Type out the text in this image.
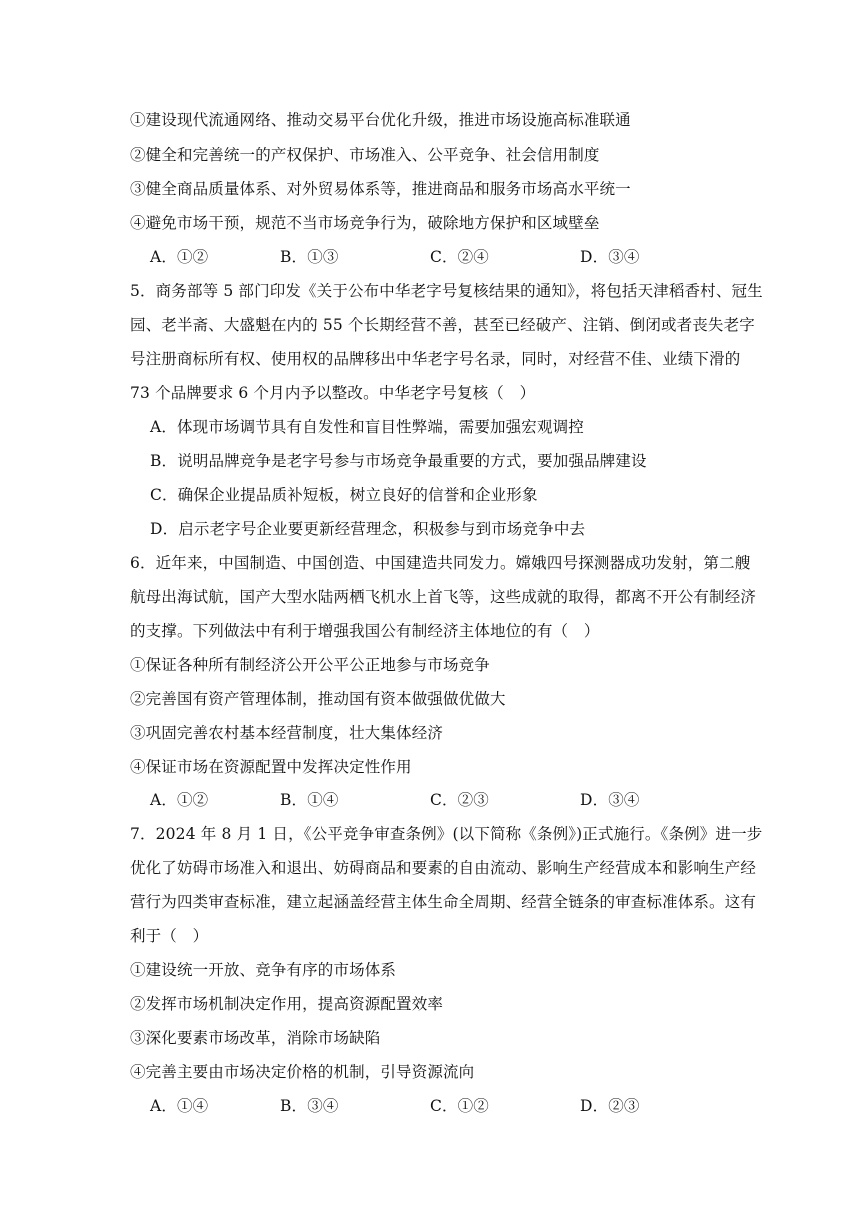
①建设现代流通网络、推动交易平台优化升级，推进市场设施高标准联通
②健全和完善统一的产权保护、市场准入、公平竞争、社会信用制度
③健全商品质量体系、对外贸易体系等，推进商品和服务市场高水平统一
④避免市场干预，规范不当市场竞争行为，破除地方保护和区域壁垒
A．①②	B．①③	C．②④	D．③④
5．商务部等 5 部门印发《关于公布中华老字号复核结果的通知》，将包括天津稻香村、冠生
园、老半斋、大盛魁在内的 55 个长期经营不善，甚至已经破产、注销、倒闭或者丧失老字
号注册商标所有权、使用权的品牌移出中华老字号名录，同时，对经营不佳、业绩下滑的
73 个品牌要求 6 个月内予以整改。中华老字号复核（　）
A．体现市场调节具有自发性和盲目性弊端，需要加强宏观调控
B．说明品牌竞争是老字号参与市场竞争最重要的方式，要加强品牌建设
C．确保企业提品质补短板，树立良好的信誉和企业形象
D．启示老字号企业要更新经营理念，积极参与到市场竞争中去
6．近年来，中国制造、中国创造、中国建造共同发力。嫦娥四号探测器成功发射，第二艘
航母出海试航，国产大型水陆两栖飞机水上首飞等，这些成就的取得，都离不开公有制经济
的支撑。下列做法中有利于增强我国公有制经济主体地位的有（　）
①保证各种所有制经济公开公平公正地参与市场竞争
②完善国有资产管理体制，推动国有资本做强做优做大
③巩固完善农村基本经营制度，壮大集体经济
④保证市场在资源配置中发挥决定性作用
A．①②	B．①④	C．②③	D．③④
7．2024 年 8 月 1 日，《公平竞争审查条例》(以下简称《条例》)正式施行。《条例》进一步
优化了妨碍市场准入和退出、妨碍商品和要素的自由流动、影响生产经营成本和影响生产经
营行为四类审查标准，建立起涵盖经营主体生命全周期、经营全链条的审查标准体系。这有
利于（　）
①建设统一开放、竞争有序的市场体系
②发挥市场机制决定作用，提高资源配置效率
③深化要素市场改革，消除市场缺陷
④完善主要由市场决定价格的机制，引导资源流向
A．①④	B．③④	C．①②	D．②③
